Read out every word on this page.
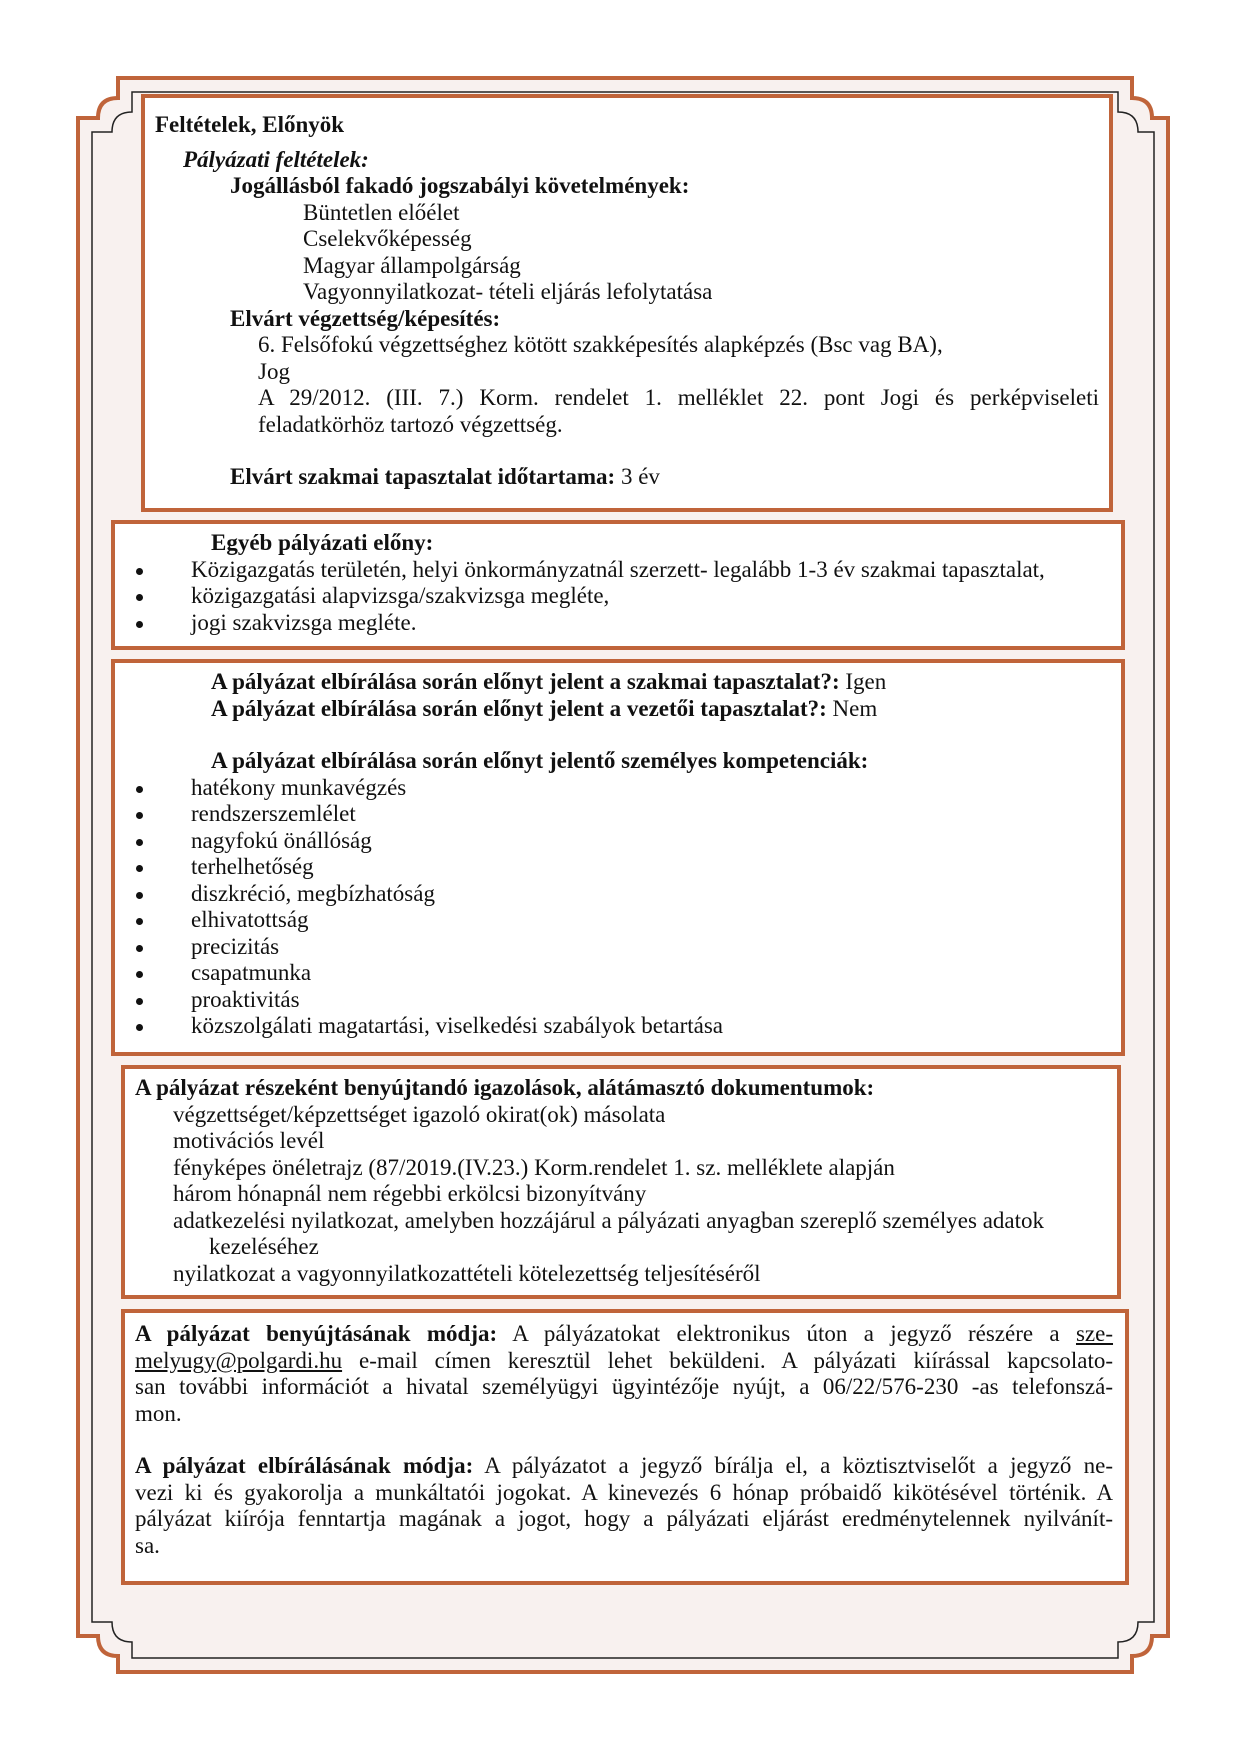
Feltételek, Előnyök
Pályázati feltételek:
Jogállásból fakadó jogszabályi követelmények:
Büntetlen előélet
Cselekvőképesség
Magyar állampolgárság
Vagyonnyilatkozat- tételi eljárás lefolytatása
Elvárt végzettség/képesítés:
6. Felsőfokú végzettséghez kötött szakképesítés alapképzés (Bsc vag BA),
Jog
A 29/2012. (III. 7.) Korm. rendelet 1. melléklet 22. pont Jogi és perképviseleti
feladatkörhöz tartozó végzettség.
Elvárt szakmai tapasztalat időtartama: 3 év
Egyéb pályázati előny:
Közigazgatás területén, helyi önkormányzatnál szerzett- legalább 1-3 év szakmai tapasztalat,
közigazgatási alapvizsga/szakvizsga megléte,
jogi szakvizsga megléte.
A pályázat elbírálása során előnyt jelent a szakmai tapasztalat?: Igen
A pályázat elbírálása során előnyt jelent a vezetői tapasztalat?: Nem
A pályázat elbírálása során előnyt jelentő személyes kompetenciák:
hatékony munkavégzés
rendszerszemlélet
nagyfokú önállóság
terhelhetőség
diszkréció, megbízhatóság
elhivatottság
precizitás
csapatmunka
proaktivitás
közszolgálati magatartási, viselkedési szabályok betartása
A pályázat részeként benyújtandó igazolások, alátámasztó dokumentumok:
végzettséget/képzettséget igazoló okirat(ok) másolata
motivációs levél
fényképes önéletrajz (87/2019.(IV.23.) Korm.rendelet 1. sz. melléklete alapján
három hónapnál nem régebbi erkölcsi bizonyítvány
adatkezelési nyilatkozat, amelyben hozzájárul a pályázati anyagban szereplő személyes adatok
kezeléséhez
nyilatkozat a vagyonnyilatkozattételi kötelezettség teljesítéséről
A pályázat benyújtásának módja: A pályázatokat elektronikus úton a jegyző részére a sze-
melyugy@polgardi.hu e-mail címen keresztül lehet beküldeni. A pályázati kiírással kapcsolato-
san további információt a hivatal személyügyi ügyintézője nyújt, a 06/22/576-230 -as telefonszá-
mon.
A pályázat elbírálásának módja: A pályázatot a jegyző bírálja el, a köztisztviselőt a jegyző ne-
vezi ki és gyakorolja a munkáltatói jogokat. A kinevezés 6 hónap próbaidő kikötésével történik. A
pályázat kiírója fenntartja magának a jogot, hogy a pályázati eljárást eredménytelennek nyilvánít-
sa.
